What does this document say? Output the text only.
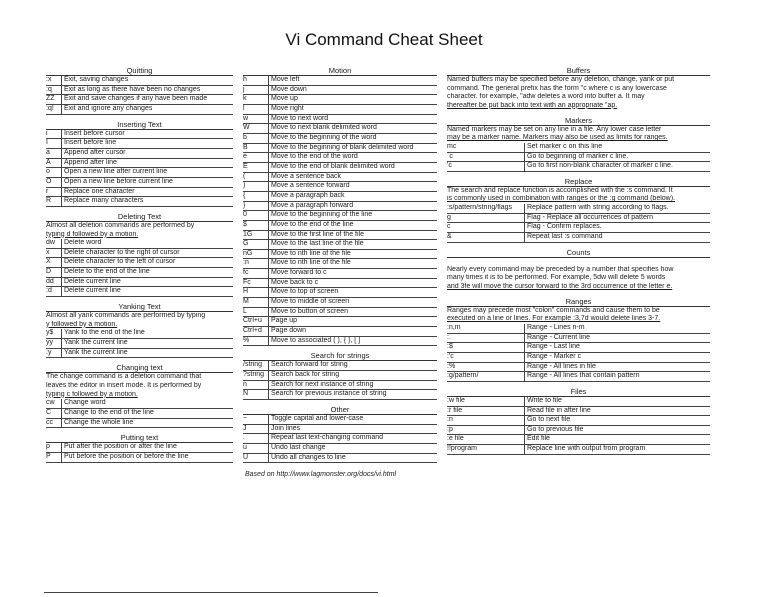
Vi Command Cheat Sheet
Quitting
:x	Exit, saving changes
:q	Exit as long as there have been no changes
ZZ	Exit and save changes if any have been made
:q!	Exit and ignore any changes
Inserting Text
i	Insert before cursor
I	Insert before line
a	Append after cursor
A	Append after line
o	Open a new line after current line
O	Open a new line before current line
r	Replace one character
R	Replace many characters
Deleting Text
Almost all deletion commands are performed by
typing d followed by a motion.
dw	Delete word
x	Delete character to the right of cursor
X	Delete character to the left of cursor
D	Delete to the end of the line
dd	Delete current line
:d	Delete current line
Yanking Text
Almost all yank commands are performed by typing
y followed by a motion.
y$	Yank to the end of the line
yy	Yank the current line
:y	Yank the current line
Changing text
The change command is a deletion command that
leaves the editor in insert mode. It is performed by
typing c followed by a motion.
cw	Change word
C	Change to the end of the line
cc	Change the whole line
Putting text
p	Put after the position or after the line
P	Put before the position or before the line
Motion
h	Move left
j	Move down
k	Move up
l	Move right
w	Move to next word
W	Move to next blank delimited word
b	Move to the beginning of the word
B	Move to the beginning of blank delimited word
e	Move to the end of the word
E	Move to the end of blank delimited word
(	Move a sentence back
)	Move a sentence forward
{	Move a paragraph back
}	Move a paragraph forward
0	Move to the beginning of the line
$	Move to the end of the line
1G	Move to the first line of the file
G	Move to the last line of the file
nG	Move to nth line of the file
:n	Move to nth line of the file
fc	Move forward to c
Fc	Move back to c
H	Move to top of screen
M	Move to middle of screen
L	Move to button of screen
Ctrl+u	Page up
Ctrl+d	Page down
%	Move to associated ( ), { }, [ ]
Search for strings
/string	Search forward for string
?string	Search back for string
n	Search for next instance of string
N	Search for previous instance of string
Other
~	Toggle capital and lower-case
J	Join lines
.	Repeat last text-changing command
u	Undo last change
U	Undo all changes to line
Based on http://www.lagmonster.org/docs/vi.html
Buffers
Named buffers may be specified before any deletion, change, yank or put
command. The general prefix has the form "c where c is any lowercase
character. for example, "adw deletes a word into buffer a. It may
thereafter be put back into text with an appropriate "ap.
Markers
Named markers may be set on any line in a file. Any lower case letter
may be a marker name. Markers may also be used as limits for ranges.
mc	Set marker c on this line
`c	Go to beginning of marker c line.
'c	Go to first non-blank character of marker c line.
Replace
The search and replace function is accomplished with the :s command. It
is commonly used in combination with ranges or the :g command (below).
:s/pattern/string/flags	Replace pattern with string according to flags.
g	Flag - Replace all occurrences of pattern
c	Flag - Confirm replaces.
&	Repeat last :s command
Counts
Nearly every command may be preceded by a number that specifies how
many times it is to be performed. For example, 5dw will delete 5 words
and 3fe will move the cursor forward to the 3rd occurrence of the letter e.
Ranges
Ranges may precede most "colon" commands and cause them to be
executed on a line or lines. For example :3,7d would delete lines 3-7.
:n,m	Range - Lines n-m
:.	Range - Current line
:$	Range - Last line
:'c	Range - Marker c
:%	Range - All lines in file
:g/pattern/	Range - All lines that contain pattern
Files
:w file	Write to file
:r file	Read file in after line
:n	Go to next file
:p	Go to previous file
:e file	Edit file
!!program	Replace line with output from program
